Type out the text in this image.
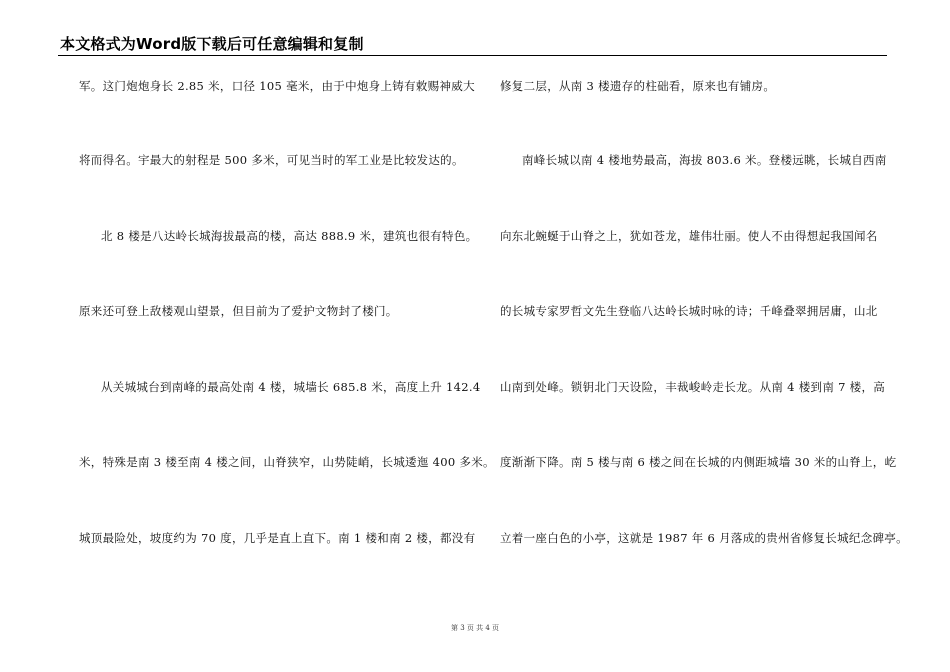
本文格式为Word版下载后可任意编辑和复制
军。这门炮炮身长 2.85 米，口径 105 毫米，由于中炮身上铸有敕赐神威大
将而得名。宇最大的射程是 500 多米，可见当时的军工业是比较发达的。
北 8 楼是八达岭长城海拔最高的楼，高达 888.9 米，建筑也很有特色。
原来还可登上敌楼观山望景，但目前为了爱护文物封了楼门。
从关城城台到南峰的最高处南 4 楼，城墙长 685.8 米，高度上升 142.4
米，特殊是南 3 楼至南 4 楼之间，山脊狭窄，山势陡峭，长城逶迤 400 多米。
城顶最险处，坡度约为 70 度，几乎是直上直下。南 1 楼和南 2 楼，都没有
修复二层，从南 3 楼遗存的柱础看，原来也有铺房。
南峰长城以南 4 楼地势最高，海拔 803.6 米。登楼远眺，长城自西南
向东北蜿蜒于山脊之上，犹如苍龙，雄伟壮丽。使人不由得想起我国闻名
的长城专家罗哲文先生登临八达岭长城时咏的诗；千峰叠翠拥居庸，山北
山南到处峰。锁钥北门天设险，丰裁峻岭走长龙。从南 4 楼到南 7 楼，高
度渐渐下降。南 5 楼与南 6 楼之间在长城的内侧距城墙 30 米的山脊上，屹
立着一座白色的小亭，这就是 1987 年 6 月落成的贵州省修复长城纪念碑亭。
第 3 页 共 4 页
